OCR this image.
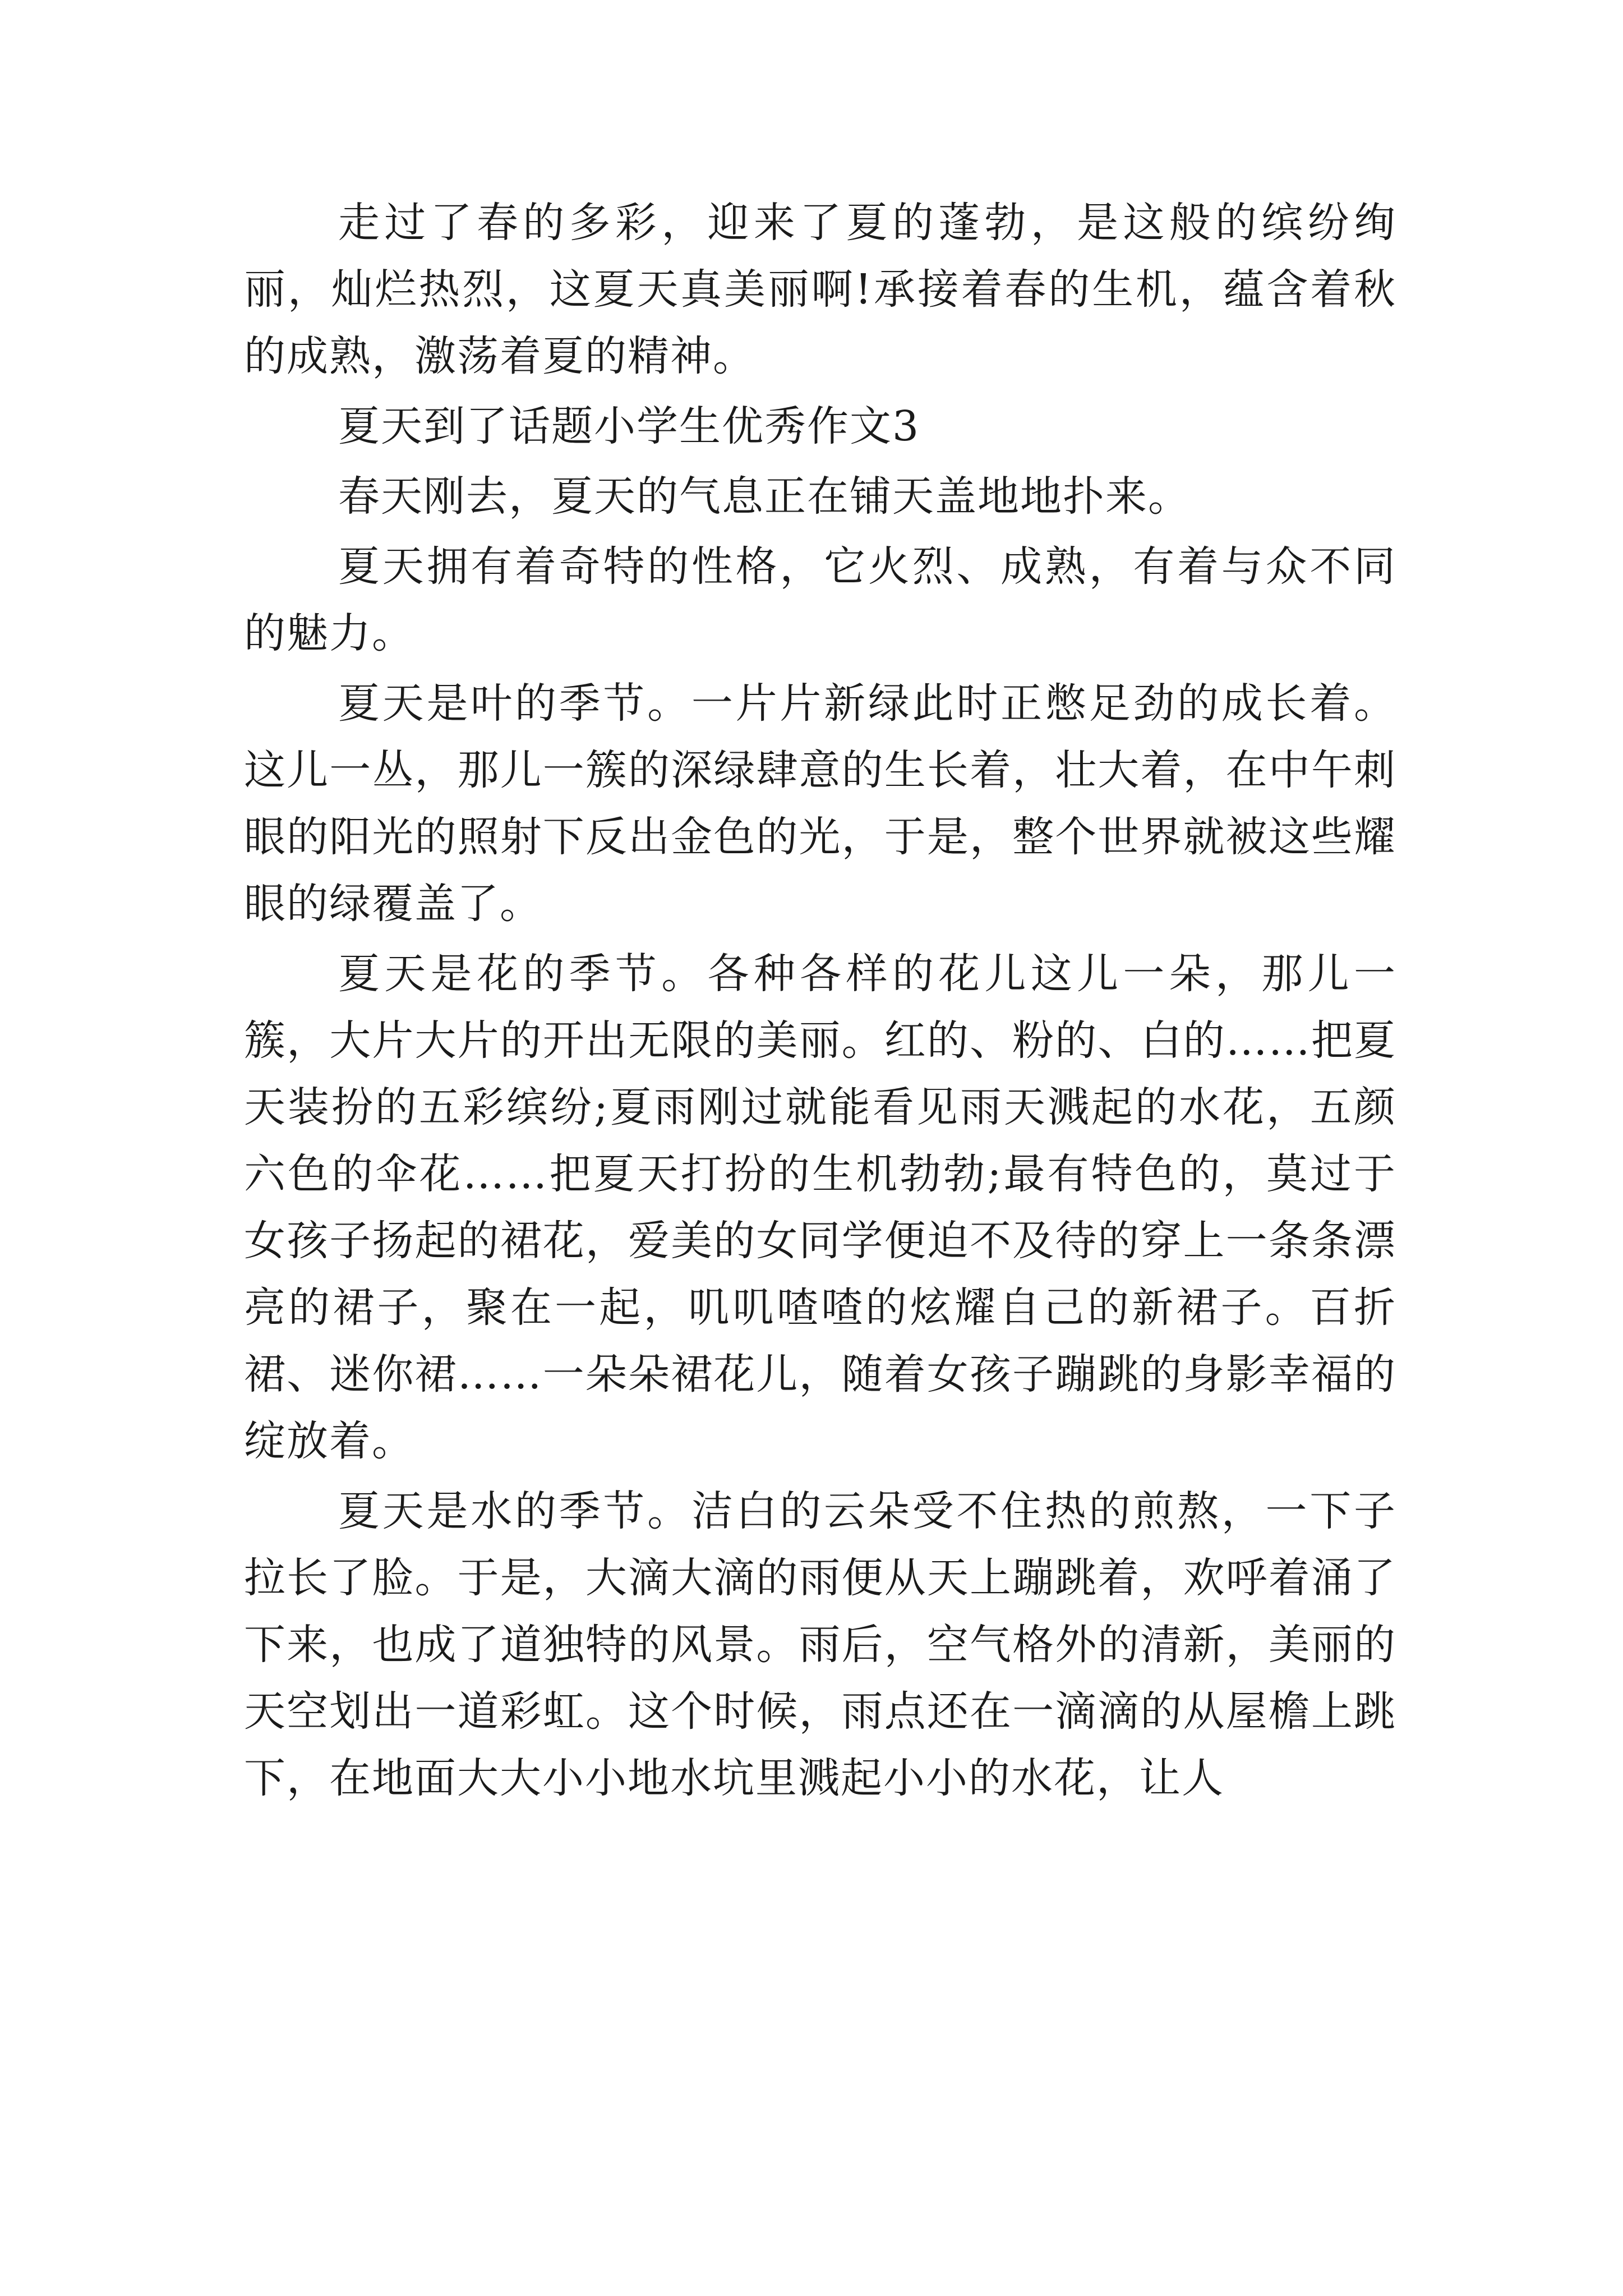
走过了春的多彩，迎来了夏的蓬勃，是这般的缤纷绚丽，灿烂热烈，这夏天真美丽啊!承接着春的生机，蕴含着秋的成熟，激荡着夏的精神。

夏天到了话题小学生优秀作文3

春天刚去，夏天的气息正在铺天盖地地扑来。

夏天拥有着奇特的性格，它火烈、成熟，有着与众不同的魅力。

夏天是叶的季节。一片片新绿此时正憋足劲的成长着。这儿一丛，那儿一簇的深绿肆意的生长着，壮大着，在中午刺眼的阳光的照射下反出金色的光，于是，整个世界就被这些耀眼的绿覆盖了。

夏天是花的季节。各种各样的花儿这儿一朵，那儿一簇，大片大片的开出无限的美丽。红的、粉的、白的……把夏天装扮的五彩缤纷;夏雨刚过就能看见雨天溅起的水花，五颜六色的伞花……把夏天打扮的生机勃勃;最有特色的，莫过于女孩子扬起的裙花，爱美的女同学便迫不及待的穿上一条条漂亮的裙子，聚在一起，叽叽喳喳的炫耀自己的新裙子。百折裙、迷你裙……一朵朵裙花儿，随着女孩子蹦跳的身影幸福的绽放着。

夏天是水的季节。洁白的云朵受不住热的煎熬，一下子拉长了脸。于是，大滴大滴的雨便从天上蹦跳着，欢呼着涌了下来，也成了道独特的风景。雨后，空气格外的清新，美丽的天空划出一道彩虹。这个时候，雨点还在一滴滴的从屋檐上跳下，在地面大大小小地水坑里溅起小小的水花，让人
